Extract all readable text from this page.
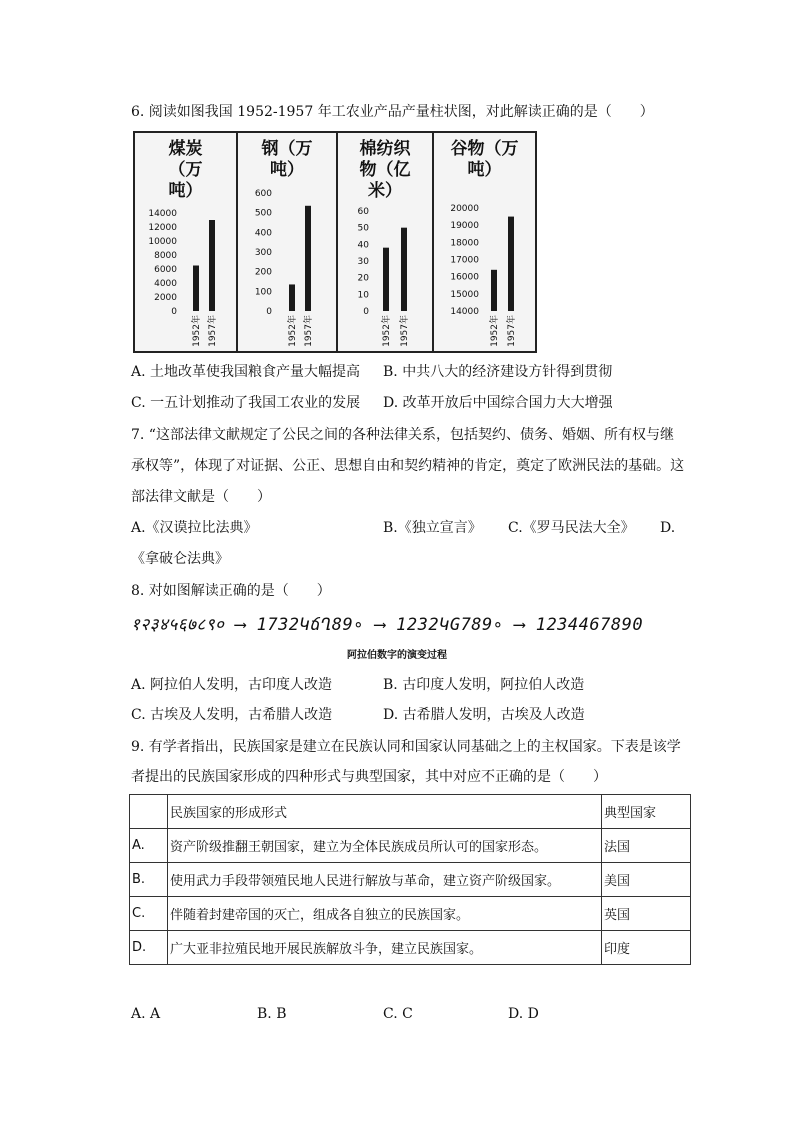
6. 阅读如图我国 1952-1957 年工农业产品产量柱状图，对此解读正确的是（　　）
0
2000
4000
6000
8000
10000
12000
14000
1952年 1957年
煤炭
（万
吨）
0
100
200
300
400
500
600
1952年 1957年
钢（万
吨）
0
10
20
30
40
50
60
1952年 1957年
棉纺织
物（亿
米）
14000
15000
16000
17000
18000
19000
20000
1952年 1957年
谷物（万
吨）
A. 土地改革使我国粮食产量大幅提高 B. 中共八大的经济建设方针得到贯彻
C. 一五计划推动了我国工农业的发展 D. 改革开放后中国综合国力大大增强
7. “这部法律文献规定了公民之间的各种法律关系，包括契约、债务、婚姻、所有权与继
承权等”，体现了对证据、公正、思想自由和契约精神的肯定，奠定了欧洲民法的基础。这
部法律文献是（　　）
A.《汉谟拉比法典》	B.《独立宣言》 C.《罗马民法大全》 D.
《拿破仑法典》
8. 对如图解读正确的是（　　）
१२३४५६७८९० ⟶ 1732ԿճՂ89∘ ⟶ 1232ԿG789∘ ⟶ 1234467890
阿拉伯数字的演变过程
A. 阿拉伯人发明，古印度人改造	B. 古印度人发明，阿拉伯人改造
C. 古埃及人发明，古希腊人改造	D. 古希腊人发明，古埃及人改造
9. 有学者指出，民族国家是建立在民族认同和国家认同基础之上的主权国家。下表是该学
者提出的民族国家形成的四种形式与典型国家，其中对应不正确的是（　　）
	民族国家的形成形式	典型国家
A.	资产阶级推翻王朝国家，建立为全体民族成员所认可的国家形态。	法国
B.	使用武力手段带领殖民地人民进行解放与革命，建立资产阶级国家。	美国
C.	伴随着封建帝国的灭亡，组成各自独立的民族国家。	英国
D.	广大亚非拉殖民地开展民族解放斗争，建立民族国家。	印度
A. A	B. B	C. C	D. D
